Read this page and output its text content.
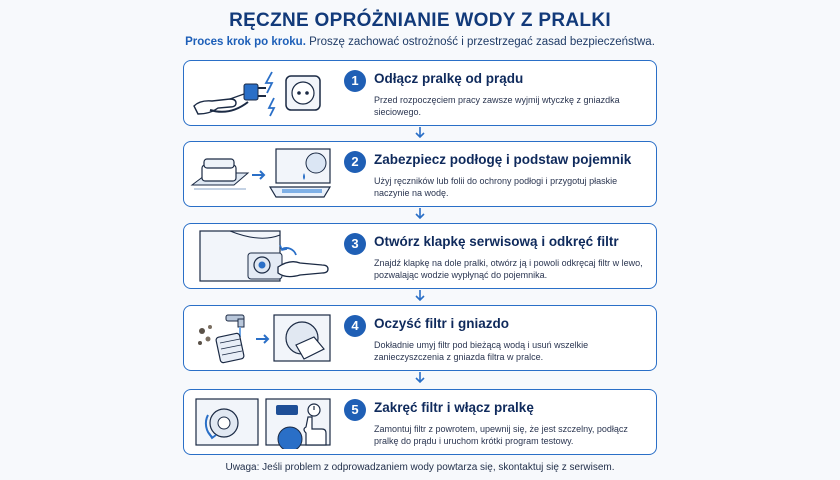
RĘCZNE OPRÓŻNIANIE WODY Z PRALKI
Proces krok po kroku. Proszę zachować ostrożność i przestrzegać zasad bezpieczeństwa.
1	Odłącz pralkę od prądu
Przed rozpoczęciem pracy zawsze wyjmij wtyczkę z gniazdka sieciowego.
2	Zabezpiecz podłogę i podstaw pojemnik
Użyj ręczników lub folii do ochrony podłogi i przygotuj płaskie naczynie na wodę.
3	Otwórz klapkę serwisową i odkręć filtr
Znajdź klapkę na dole pralki, otwórz ją i powoli odkręcaj filtr w lewo, pozwalając wodzie wypłynąć do pojemnika.
4	Oczyść filtr i gniazdo
Dokładnie umyj filtr pod bieżącą wodą i usuń wszelkie zanieczyszczenia z gniazda filtra w pralce.
5	Zakręć filtr i włącz pralkę
Zamontuj filtr z powrotem, upewnij się, że jest szczelny, podłącz pralkę do prądu i uruchom krótki program testowy.
Uwaga: Jeśli problem z odprowadzaniem wody powtarza się, skontaktuj się z serwisem.
